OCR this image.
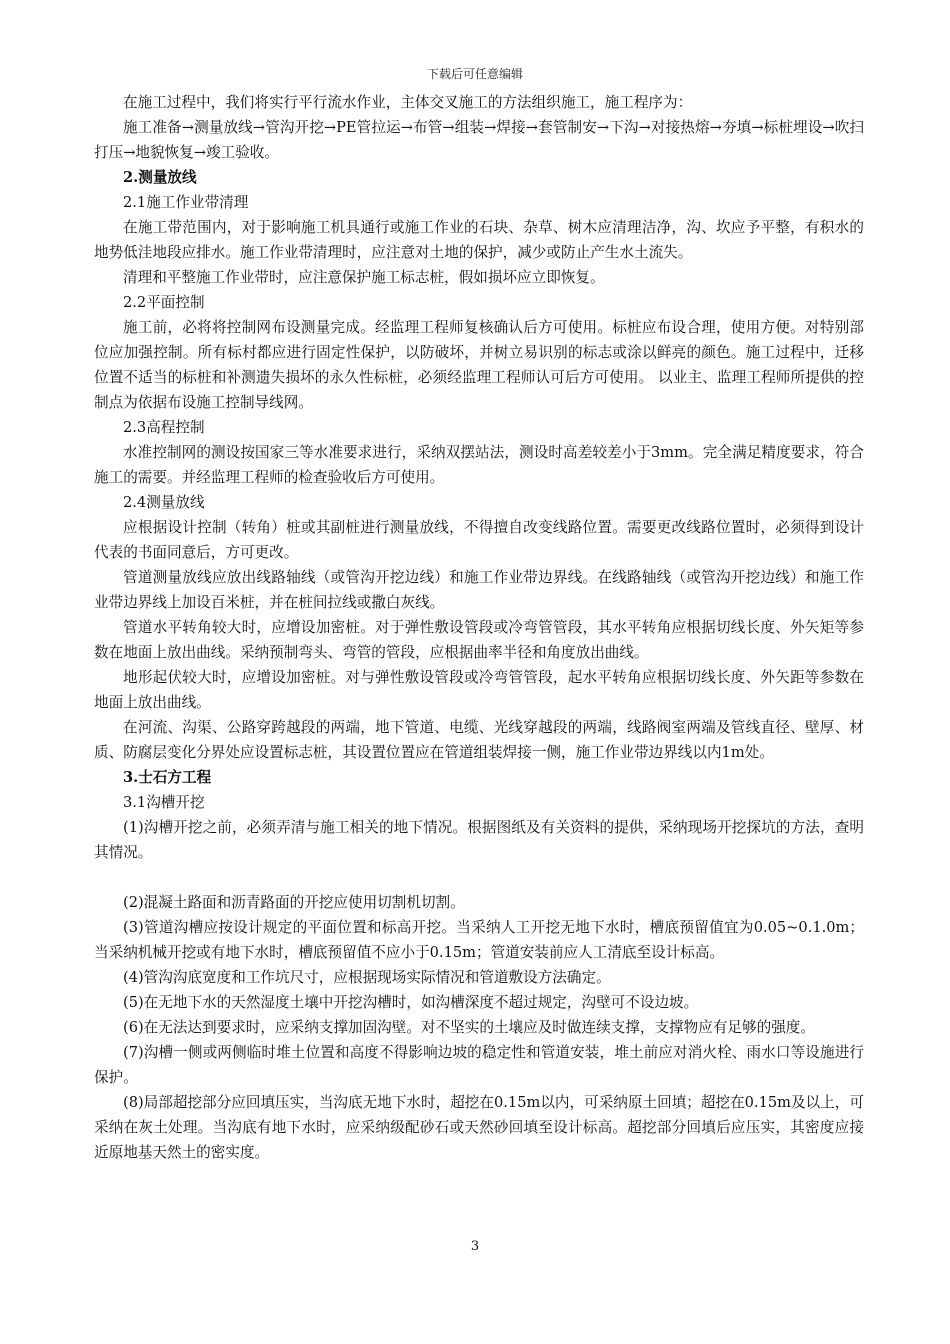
下载后可任意编辑

在施工过程中，我们将实行平行流水作业，主体交叉施工的方法组织施工，施工程序为：

施工准备→测量放线→管沟开挖→PE管拉运→布管→组装→焊接→套管制安→下沟→对接热熔→夯填→标桩埋设→吹扫打压→地貌恢复→竣工验收。

2.测量放线

2.1施工作业带清理

在施工带范围内，对于影响施工机具通行或施工作业的石块、杂草、树木应清理洁净，沟、坎应予平整，有积水的地势低洼地段应排水。施工作业带清理时，应注意对土地的保护，减少或防止产生水土流失。

清理和平整施工作业带时，应注意保护施工标志桩，假如损坏应立即恢复。

2.2平面控制

施工前，必将将控制网布设测量完成。经监理工程师复核确认后方可使用。标桩应布设合理，使用方便。对特别部位应加强控制。所有标村都应进行固定性保护，以防破坏，并树立易识别的标志或涂以鲜亮的颜色。施工过程中，迁移位置不适当的标桩和补测遗失损坏的永久性标桩，必须经监理工程师认可后方可使用。 以业主、监理工程师所提供的控制点为依据布设施工控制导线网。

2.3高程控制

水准控制网的测设按国家三等水准要求进行，采纳双摆站法，测设时高差较差小于3mm。完全满足精度要求，符合施工的需要。并经监理工程师的检查验收后方可使用。

2.4测量放线

应根据设计控制（转角）桩或其副桩进行测量放线，不得擅自改变线路位置。需要更改线路位置时，必须得到设计代表的书面同意后，方可更改。

管道测量放线应放出线路轴线（或管沟开挖边线）和施工作业带边界线。在线路轴线（或管沟开挖边线）和施工作业带边界线上加设百米桩，并在桩间拉线或撒白灰线。

管道水平转角较大时，应增设加密桩。对于弹性敷设管段或冷弯管管段，其水平转角应根据切线长度、外矢矩等参数在地面上放出曲线。采纳预制弯头、弯管的管段，应根据曲率半径和角度放出曲线。

地形起伏较大时，应增设加密桩。对与弹性敷设管段或冷弯管管段，起水平转角应根据切线长度、外矢距等参数在地面上放出曲线。

在河流、沟渠、公路穿跨越段的两端，地下管道、电缆、光线穿越段的两端，线路阀室两端及管线直径、壁厚、材质、防腐层变化分界处应设置标志桩，其设置位置应在管道组装焊接一侧，施工作业带边界线以内1m处。

3.士石方工程

3.1沟槽开挖

(1)沟槽开挖之前，必须弄清与施工相关的地下情况。根据图纸及有关资料的提供，采纳现场开挖探坑的方法，查明其情况。

(2)混凝土路面和沥青路面的开挖应使用切割机切割。

(3)管道沟槽应按设计规定的平面位置和标高开挖。当采纳人工开挖无地下水时，槽底预留值宜为0.05~0.1.0m；当采纳机械开挖或有地下水时，槽底预留值不应小于0.15m；管道安装前应人工清底至设计标高。

(4)管沟沟底宽度和工作坑尺寸，应根据现场实际情况和管道敷设方法确定。

(5)在无地下水的天然湿度土壤中开挖沟槽时，如沟槽深度不超过规定，沟壁可不设边坡。

(6)在无法达到要求时，应采纳支撑加固沟壁。对不坚实的土壤应及时做连续支撑，支撑物应有足够的强度。

(7)沟槽一侧或两侧临时堆土位置和高度不得影响边坡的稳定性和管道安装，堆土前应对消火栓、雨水口等设施进行保护。

(8)局部超挖部分应回填压实，当沟底无地下水时，超挖在0.15m以内，可采纳原土回填；超挖在0.15m及以上，可采纳在灰土处理。当沟底有地下水时，应采纳级配砂石或天然砂回填至设计标高。超挖部分回填后应压实，其密度应接近原地基天然土的密实度。

3
